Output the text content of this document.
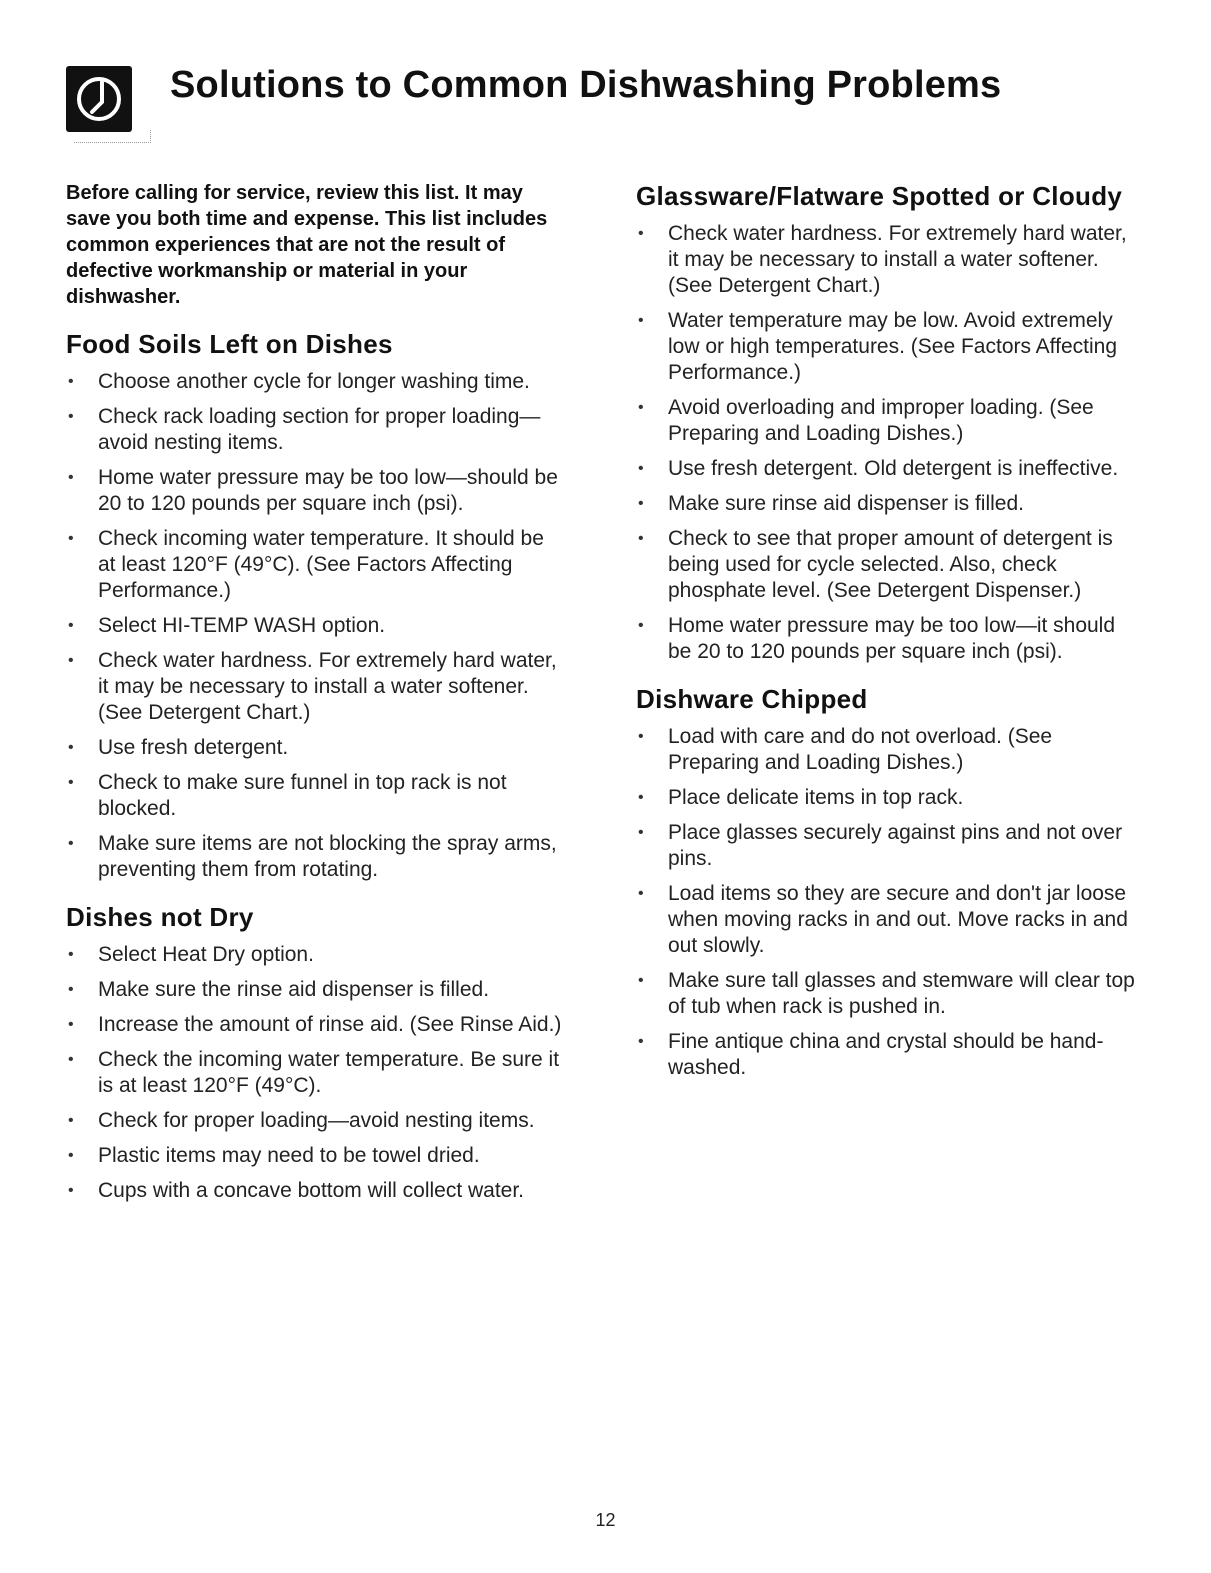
Solutions to Common Dishwashing Problems

Before calling for service, review this list. It may save you both time and expense. This list includes common experiences that are not the result of defective workmanship or material in your dishwasher.

Food Soils Left on Dishes
• Choose another cycle for longer washing time.
• Check rack loading section for proper loading—avoid nesting items.
• Home water pressure may be too low—should be 20 to 120 pounds per square inch (psi).
• Check incoming water temperature. It should be at least 120°F (49°C). (See Factors Affecting Performance.)
• Select HI-TEMP WASH option.
• Check water hardness. For extremely hard water, it may be necessary to install a water softener. (See Detergent Chart.)
• Use fresh detergent.
• Check to make sure funnel in top rack is not blocked.
• Make sure items are not blocking the spray arms, preventing them from rotating.
Dishes not Dry
• Select Heat Dry option.
• Make sure the rinse aid dispenser is filled.
• Increase the amount of rinse aid. (See Rinse Aid.)
• Check the incoming water temperature. Be sure it is at least 120°F (49°C).
• Check for proper loading—avoid nesting items.
• Plastic items may need to be towel dried.
• Cups with a concave bottom will collect water.
Glassware/Flatware Spotted or Cloudy
• Check water hardness. For extremely hard water, it may be necessary to install a water softener. (See Detergent Chart.)
• Water temperature may be low. Avoid extremely low or high temperatures. (See Factors Affecting Performance.)
• Avoid overloading and improper loading. (See Preparing and Loading Dishes.)
• Use fresh detergent. Old detergent is ineffective.
• Make sure rinse aid dispenser is filled.
• Check to see that proper amount of detergent is being used for cycle selected. Also, check phosphate level. (See Detergent Dispenser.)
• Home water pressure may be too low—it should be 20 to 120 pounds per square inch (psi).
Dishware Chipped
• Load with care and do not overload. (See Preparing and Loading Dishes.)
• Place delicate items in top rack.
• Place glasses securely against pins and not over pins.
• Load items so they are secure and don't jar loose when moving racks in and out. Move racks in and out slowly.
• Make sure tall glasses and stemware will clear top of tub when rack is pushed in.
• Fine antique china and crystal should be hand-washed.
12
